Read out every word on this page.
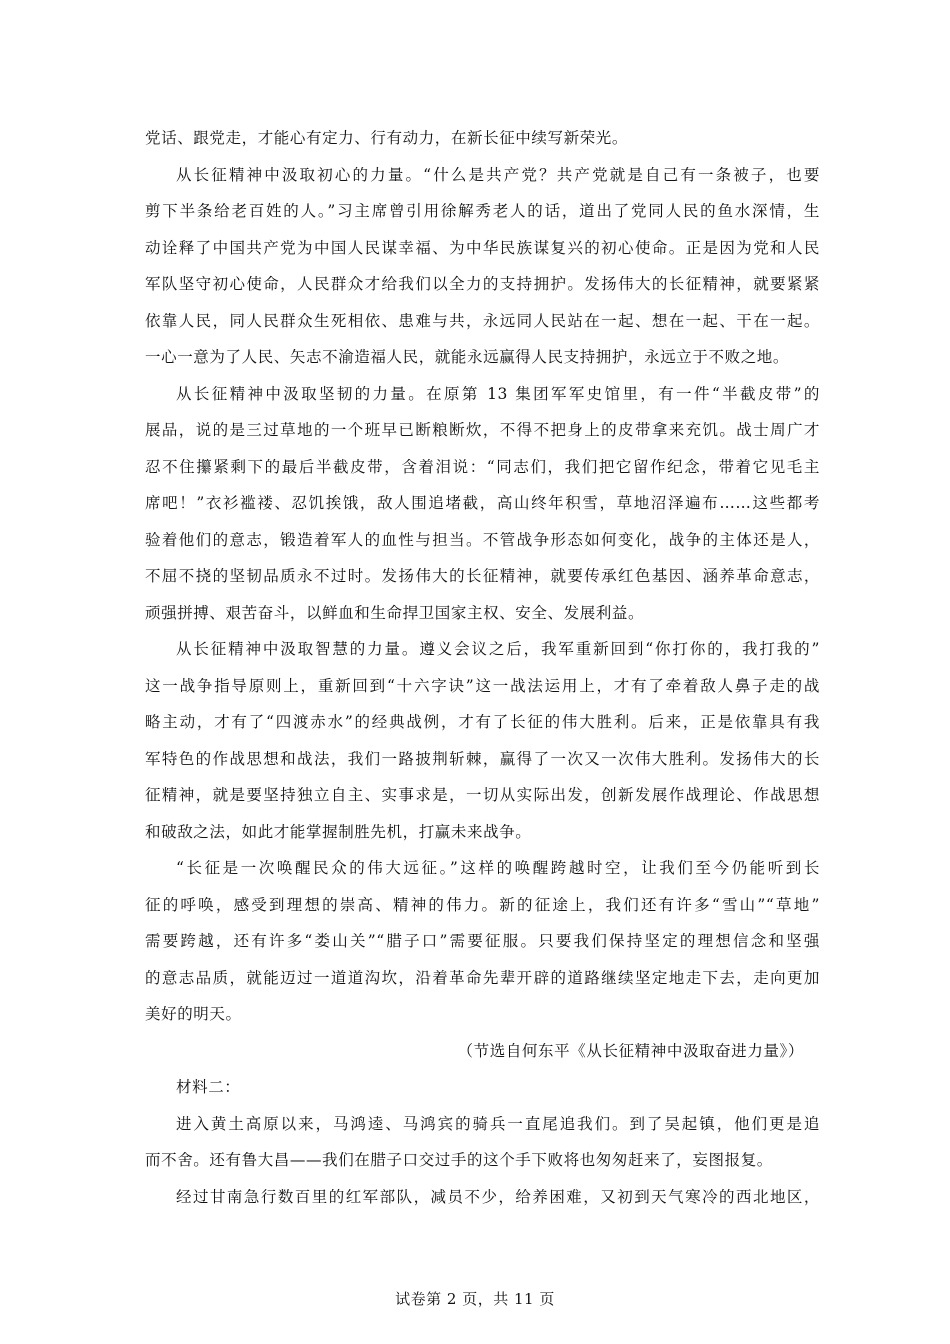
党话、跟党走，才能心有定力、行有动力，在新长征中续写新荣光。
从长征精神中汲取初心的力量。“什么是共产党？共产党就是自己有一条被子，也要
剪下半条给老百姓的人。”习主席曾引用徐解秀老人的话，道出了党同人民的鱼水深情，生
动诠释了中国共产党为中国人民谋幸福、为中华民族谋复兴的初心使命。正是因为党和人民
军队坚守初心使命，人民群众才给我们以全力的支持拥护。发扬伟大的长征精神，就要紧紧
依靠人民，同人民群众生死相依、患难与共，永远同人民站在一起、想在一起、干在一起。
一心一意为了人民、矢志不渝造福人民，就能永远赢得人民支持拥护，永远立于不败之地。
从长征精神中汲取坚韧的力量。在原第 13 集团军军史馆里，有一件“半截皮带”的
展品，说的是三过草地的一个班早已断粮断炊，不得不把身上的皮带拿来充饥。战士周广才
忍不住攥紧剩下的最后半截皮带，含着泪说：“同志们，我们把它留作纪念，带着它见毛主
席吧！”衣衫褴褛、忍饥挨饿，敌人围追堵截，高山终年积雪，草地沼泽遍布……这些都考
验着他们的意志，锻造着军人的血性与担当。不管战争形态如何变化，战争的主体还是人，
不屈不挠的坚韧品质永不过时。发扬伟大的长征精神，就要传承红色基因、涵养革命意志，
顽强拼搏、艰苦奋斗，以鲜血和生命捍卫国家主权、安全、发展利益。
从长征精神中汲取智慧的力量。遵义会议之后，我军重新回到“你打你的，我打我的”
这一战争指导原则上，重新回到“十六字诀”这一战法运用上，才有了牵着敌人鼻子走的战
略主动，才有了“四渡赤水”的经典战例，才有了长征的伟大胜利。后来，正是依靠具有我
军特色的作战思想和战法，我们一路披荆斩棘，赢得了一次又一次伟大胜利。发扬伟大的长
征精神，就是要坚持独立自主、实事求是，一切从实际出发，创新发展作战理论、作战思想
和破敌之法，如此才能掌握制胜先机，打赢未来战争。
“长征是一次唤醒民众的伟大远征。”这样的唤醒跨越时空，让我们至今仍能听到长
征的呼唤，感受到理想的崇高、精神的伟力。新的征途上，我们还有许多“雪山”“草地”
需要跨越，还有许多“娄山关”“腊子口”需要征服。只要我们保持坚定的理想信念和坚强
的意志品质，就能迈过一道道沟坎，沿着革命先辈开辟的道路继续坚定地走下去，走向更加
美好的明天。
（节选自何东平《从长征精神中汲取奋进力量》）
材料二：
进入黄土高原以来，马鸿逵、马鸿宾的骑兵一直尾追我们。到了吴起镇，他们更是追
而不舍。还有鲁大昌——我们在腊子口交过手的这个手下败将也匆匆赶来了，妄图报复。
经过甘南急行数百里的红军部队，减员不少，给养困难，又初到天气寒冷的西北地区，
试卷第 2 页，共 11 页
